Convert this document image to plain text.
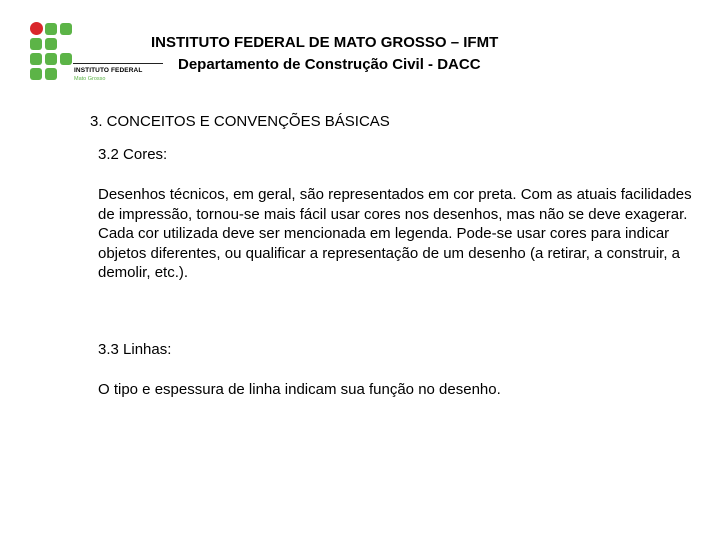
INSTITUTO FEDERAL
Mato Grosso
INSTITUTO FEDERAL DE MATO GROSSO – IFMT
Departamento de Construção Civil - DACC
3. CONCEITOS E CONVENÇÕES BÁSICAS
3.2 Cores:

Desenhos técnicos, em geral, são representados em cor preta. Com as atuais facilidades de impressão, tornou-se mais fácil usar cores nos desenhos, mas não se deve exagerar.

Cada cor utilizada deve ser mencionada em legenda. Pode-se usar cores para indicar objetos diferentes, ou qualificar a representação de um desenho (a retirar, a construir, a demolir, etc.).

3.3 Linhas:
O tipo e espessura de linha indicam sua função no desenho.
